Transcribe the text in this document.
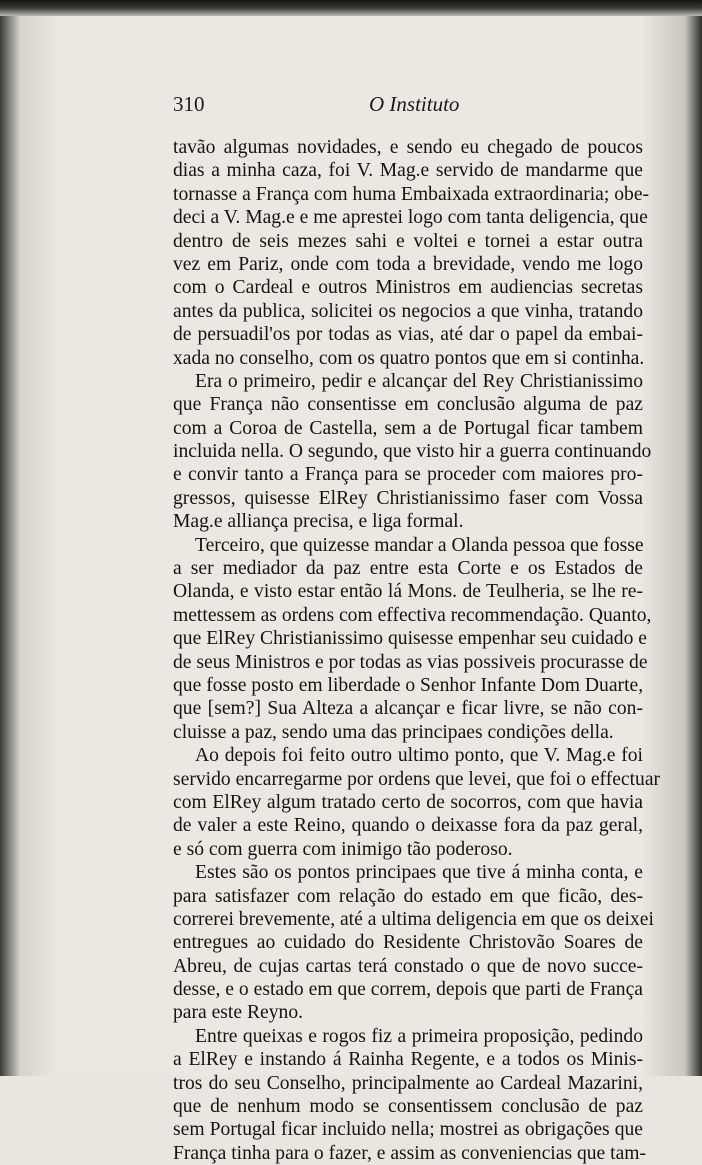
310	O Instituto
tavão algumas novidades, e sendo eu chegado de poucos
dias a minha caza, foi V. Mag.e servido de mandarme que
tornasse a França com huma Embaixada extraordinaria; obe-
deci a V. Mag.e e me aprestei logo com tanta deligencia, que
dentro de seis mezes sahi e voltei e tornei a estar outra
vez em Pariz, onde com toda a brevidade, vendo me logo
com o Cardeal e outros Ministros em audiencias secretas
antes da publica, solicitei os negocios a que vinha, tratando
de persuadil'os por todas as vias, até dar o papel da embai-
xada no conselho, com os quatro pontos que em si continha.
Era o primeiro, pedir e alcançar del Rey Christianissimo
que França não consentisse em conclusão alguma de paz
com a Coroa de Castella, sem a de Portugal ficar tambem
incluida nella. O segundo, que visto hir a guerra continuando
e convir tanto a França para se proceder com maiores pro-
gressos, quisesse ElRey Christianissimo faser com Vossa
Mag.e alliança precisa, e liga formal.
Terceiro, que quizesse mandar a Olanda pessoa que fosse
a ser mediador da paz entre esta Corte e os Estados de
Olanda, e visto estar então lá Mons. de Teulheria, se lhe re-
mettessem as ordens com effectiva recommendação. Quanto,
que ElRey Christianissimo quisesse empenhar seu cuidado e
de seus Ministros e por todas as vias possiveis procurasse de
que fosse posto em liberdade o Senhor Infante Dom Duarte,
que [sem?] Sua Alteza a alcançar e ficar livre, se não con-
cluisse a paz, sendo uma das principaes condições della.
Ao depois foi feito outro ultimo ponto, que V. Mag.e foi
servido encarregarme por ordens que levei, que foi o effectuar
com ElRey algum tratado certo de socorros, com que havia
de valer a este Reino, quando o deixasse fora da paz geral,
e só com guerra com inimigo tão poderoso.
Estes são os pontos principaes que tive á minha conta, e
para satisfazer com relação do estado em que ficão, des-
correrei brevemente, até a ultima deligencia em que os deixei
entregues ao cuidado do Residente Christovão Soares de
Abreu, de cujas cartas terá constado o que de novo succe-
desse, e o estado em que correm, depois que parti de França
para este Reyno.
Entre queixas e rogos fiz a primeira proposição, pedindo
a ElRey e instando á Rainha Regente, e a todos os Minis-
tros do seu Conselho, principalmente ao Cardeal Mazarini,
que de nenhum modo se consentissem conclusão de paz
sem Portugal ficar incluido nella; mostrei as obrigações que
França tinha para o fazer, e assim as conveniencias que tam-
